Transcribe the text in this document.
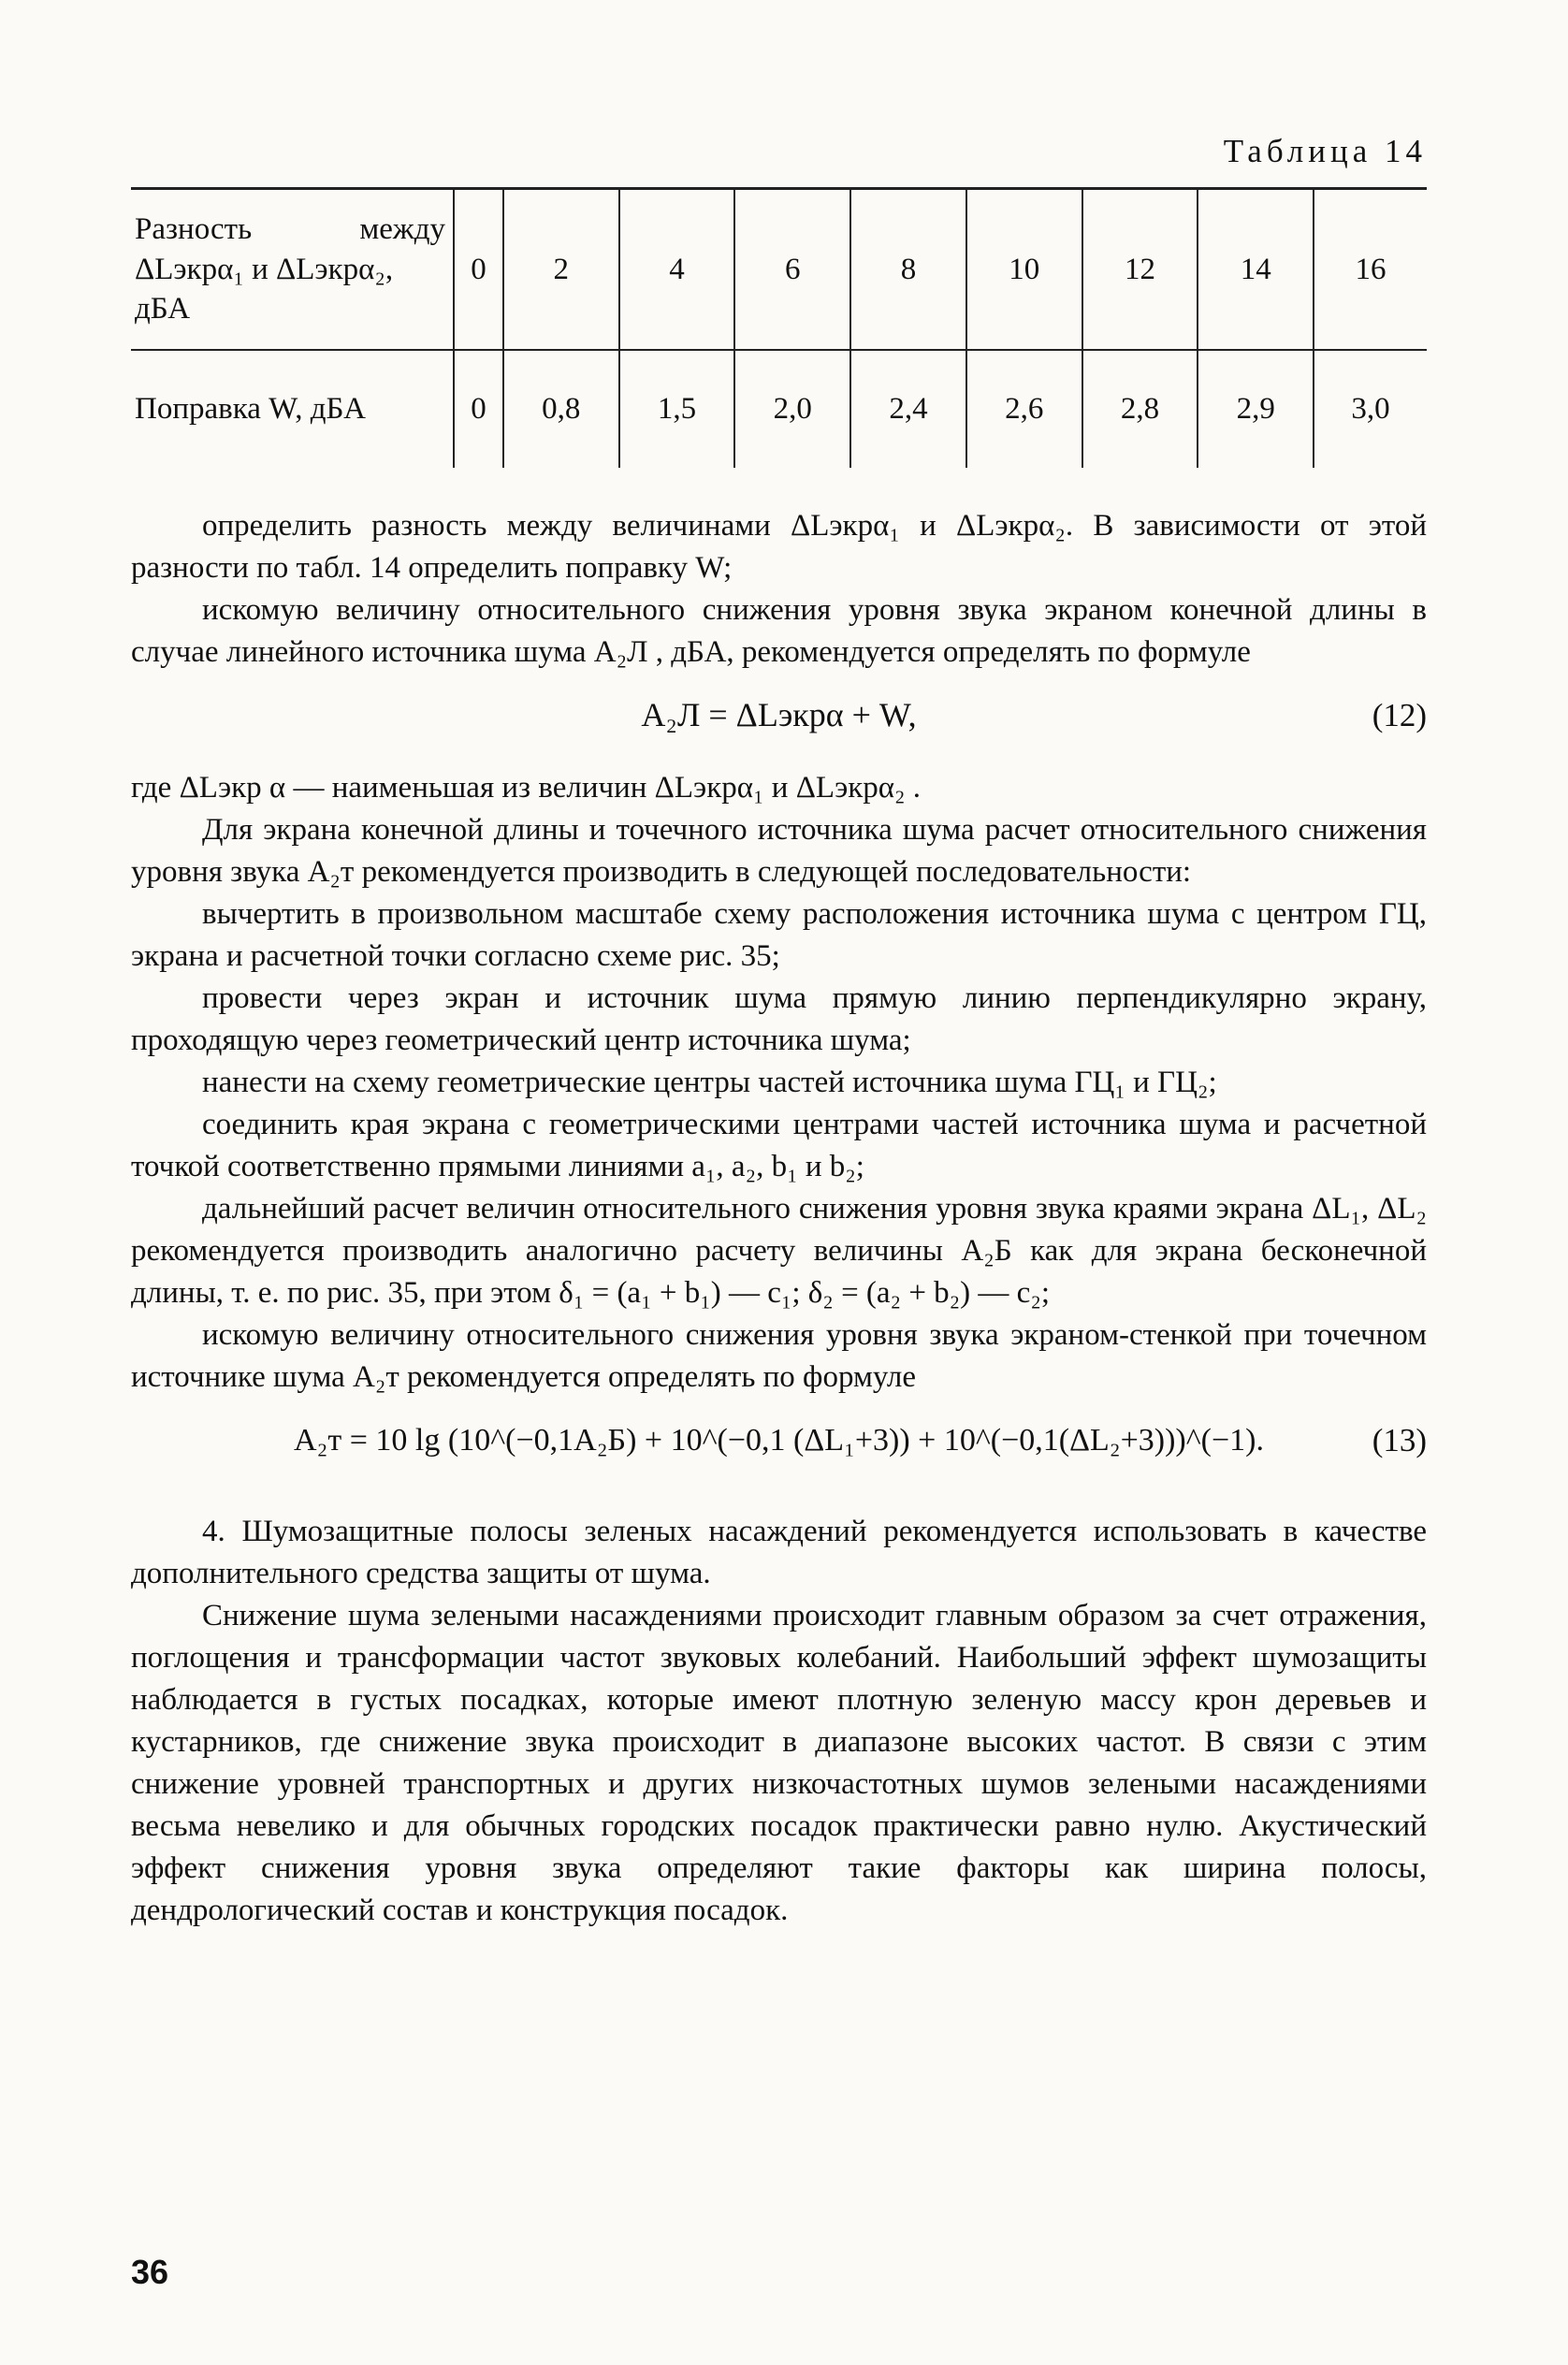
Таблица 14
Разность между
ΔLэкрα₁ и ΔLэкрα₂,
дБА	0	2	4	6	8	10	12	14	16
Поправка W, дБА	0	0,8	1,5	2,0	2,4	2,6	2,8	2,9	3,0

определить разность между величинами ΔLэкрα₁ и ΔLэкрα₂. В зависимости от этой разности по табл. 14 определить поправку W;

искомую величину относительного снижения уровня звука экраном конечной длины в случае линейного источника шума A₂Л , дБА, рекомендуется определять по формуле

A₂Л = ΔLэкрα + W,	(12)

где ΔLэкр α — наименьшая из величин ΔLэкрα₁ и ΔLэкрα₂ .

Для экрана конечной длины и точечного источника шума расчет относительного снижения уровня звука A₂т рекомендуется производить в следующей последовательности:

вычертить в произвольном масштабе схему расположения источника шума с центром ГЦ, экрана и расчетной точки согласно схеме рис. 35;

провести через экран и источник шума прямую линию перпендикулярно экрану, проходящую через геометрический центр источника шума;

нанести на схему геометрические центры частей источника шума ГЦ₁ и ГЦ₂;

соединить края экрана с геометрическими центрами частей источника шума и расчетной точкой соответственно прямыми линиями a₁, a₂, b₁ и b₂;

дальнейший расчет величин относительного снижения уровня звука краями экрана ΔL₁, ΔL₂ рекомендуется производить аналогично расчету величины A₂Б как для экрана бесконечной длины, т. е. по рис. 35, при этом δ₁ = (a₁ + b₁) — c₁; δ₂ = (a₂ + b₂) — c₂;

искомую величину относительного снижения уровня звука экраном-стенкой при точечном источнике шума A₂т рекомендуется определять по формуле

A₂т = 10 lg (10^(−0,1A₂Б) + 10^(−0,1 (ΔL₁+3)) + 10^(−0,1(ΔL₂+3)))^(−1).	(13)

4. Шумозащитные полосы зеленых насаждений рекомендуется использовать в качестве дополнительного средства защиты от шума.

Снижение шума зелеными насаждениями происходит главным образом за счет отражения, поглощения и трансформации частот звуковых колебаний. Наибольший эффект шумозащиты наблюдается в густых посадках, которые имеют плотную зеленую массу крон деревьев и кустарников, где снижение звука происходит в диапазоне высоких частот. В связи с этим снижение уровней транспортных и других низкочастотных шумов зелеными насаждениями весьма невелико и для обычных городских посадок практически равно нулю. Акустический эффект снижения уровня звука определяют такие факторы как ширина полосы, дендрологический состав и конструкция посадок.

36
